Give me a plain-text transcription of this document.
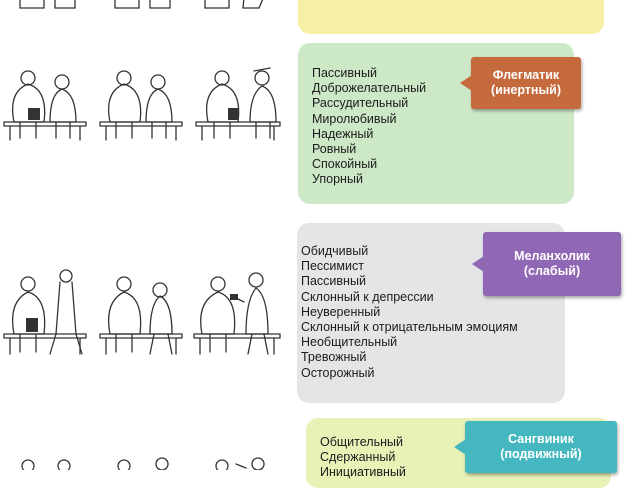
Пассивный
Доброжелательный
Рассудительный
Миролюбивый
Надежный
Ровный
Спокойный
Упорный
Флегматик
(инертный)
Обидчивый
Пессимист
Пассивный
Склонный к депрессии
Неуверенный
Склонный к отрицательным эмоциям
Необщительный
Тревожный
Осторожный
Меланхолик
(слабый)
Общительный
Сдержанный
Инициативный
Сангвиник
(подвижный)
